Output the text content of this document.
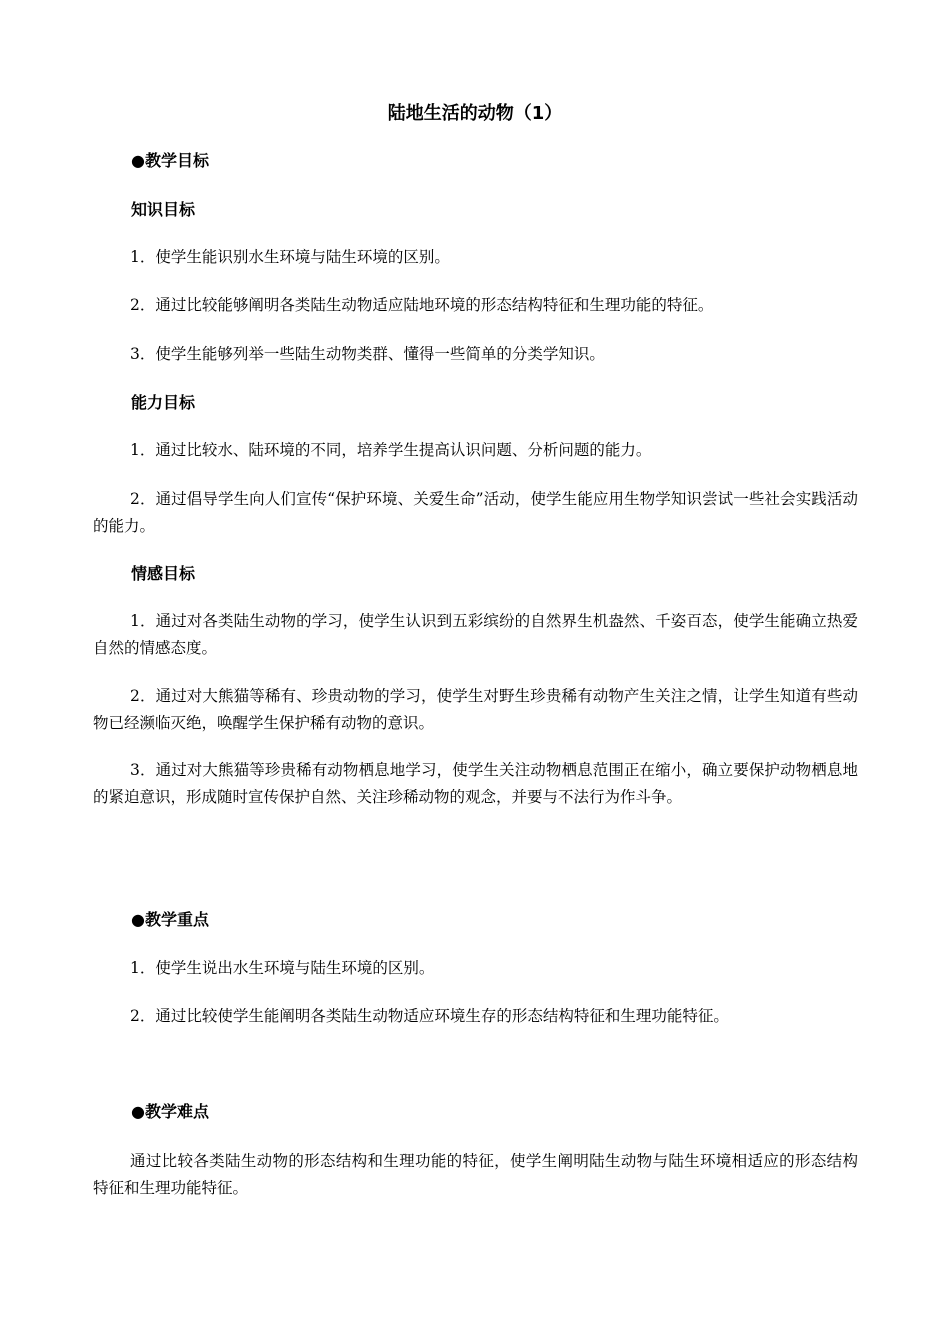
陆地生活的动物（1）
●教学目标
知识目标
1．使学生能识别水生环境与陆生环境的区别。
2．通过比较能够阐明各类陆生动物适应陆地环境的形态结构特征和生理功能的特征。
3．使学生能够列举一些陆生动物类群、懂得一些简单的分类学知识。
能力目标
1．通过比较水、陆环境的不同，培养学生提高认识问题、分析问题的能力。
2．通过倡导学生向人们宣传“保护环境、关爱生命”活动，使学生能应用生物学知识尝试一些社会实践活动的能力。
情感目标
1．通过对各类陆生动物的学习，使学生认识到五彩缤纷的自然界生机盎然、千姿百态，使学生能确立热爱自然的情感态度。
2．通过对大熊猫等稀有、珍贵动物的学习，使学生对野生珍贵稀有动物产生关注之情，让学生知道有些动物已经濒临灭绝，唤醒学生保护稀有动物的意识。
3．通过对大熊猫等珍贵稀有动物栖息地学习，使学生关注动物栖息范围正在缩小，确立要保护动物栖息地的紧迫意识，形成随时宣传保护自然、关注珍稀动物的观念，并要与不法行为作斗争。
●教学重点
1．使学生说出水生环境与陆生环境的区别。
2．通过比较使学生能阐明各类陆生动物适应环境生存的形态结构特征和生理功能特征。
●教学难点
通过比较各类陆生动物的形态结构和生理功能的特征，使学生阐明陆生动物与陆生环境相适应的形态结构特征和生理功能特征。
